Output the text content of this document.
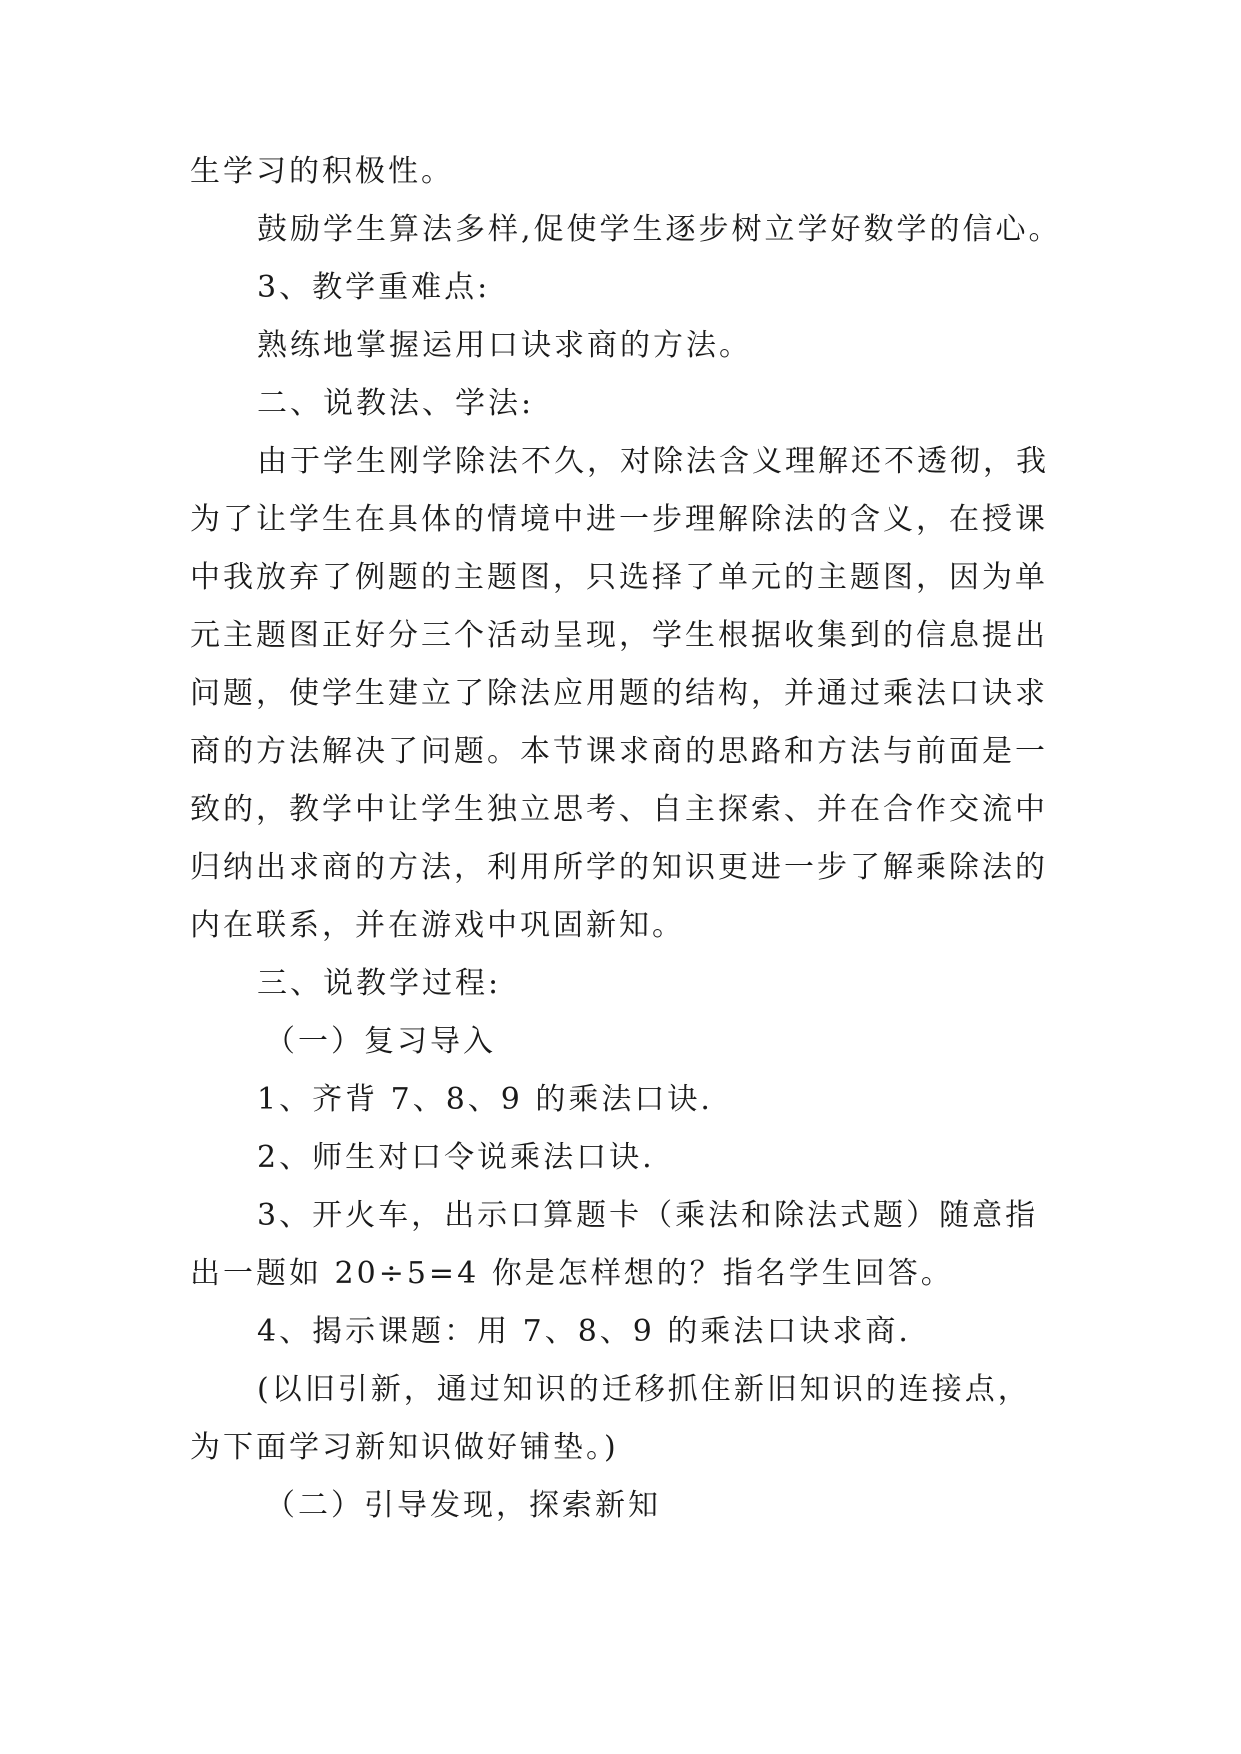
生学习的积极性。
鼓励学生算法多样,促使学生逐步树立学好数学的信心。
3、教学重难点:
熟练地掌握运用口诀求商的方法。
二、说教法、学法:
由于学生刚学除法不久，对除法含义理解还不透彻，我
为了让学生在具体的情境中进一步理解除法的含义，在授课
中我放弃了例题的主题图，只选择了单元的主题图，因为单
元主题图正好分三个活动呈现，学生根据收集到的信息提出
问题，使学生建立了除法应用题的结构，并通过乘法口诀求
商的方法解决了问题。本节课求商的思路和方法与前面是一
致的，教学中让学生独立思考、自主探索、并在合作交流中
归纳出求商的方法，利用所学的知识更进一步了解乘除法的
内在联系，并在游戏中巩固新知。
三、说教学过程:
（一）复习导入
1、齐背 7、8、9 的乘法口诀.
2、师生对口令说乘法口诀.
3、开火车，出示口算题卡（乘法和除法式题）随意指
出一题如 20÷5=4 你是怎样想的？指名学生回答。
4、揭示课题：用 7、8、9 的乘法口诀求商.
(以旧引新，通过知识的迁移抓住新旧知识的连接点，
为下面学习新知识做好铺垫。)
（二）引导发现，探索新知
